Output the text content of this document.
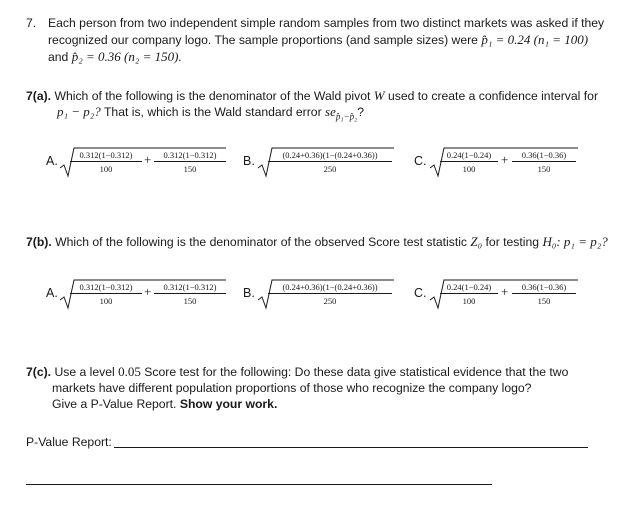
7. Each person from two independent simple random samples from two distinct markets was asked if they
recognized our company logo. The sample proportions (and sample sizes) were p̂₁ = 0.24 (n₁ = 100)
and p̂₂ = 0.36 (n₂ = 150).
7(a). Which of the following is the denominator of the Wald pivot W used to create a confidence interval for
p₁ − p₂? That is, which is the Wald standard error $se_{p̂_1-p̂_2}$?
A. $\frac{0.312(1-0.312)}{100} + \frac{0.312(1-0.312)}{150} B$. $\frac{(0.24+0.36)(1-(0.24+0.36))}{250} C$. $\frac{0.24(1-0.24)}{100} + \frac{0.36(1-0.36)}{150}$
7(b). Which of the following is the denominator of the observed Score test statistic Z₀ for testing H₀: p₁ = p₂?
A. $\frac{0.312(1-0.312)}{100} + \frac{0.312(1-0.312)}{150} B$. $\frac{(0.24+0.36)(1-(0.24+0.36))}{250} C$. $\frac{0.24(1-0.24)}{100} + \frac{0.36(1-0.36)}{150}$
7(c). Use a level 0.05 Score test for the following: Do these data give statistical evidence that the two
markets have different population proportions of those who recognize the company logo?
Give a P-Value Report. Show your work.
P-Value Report:
